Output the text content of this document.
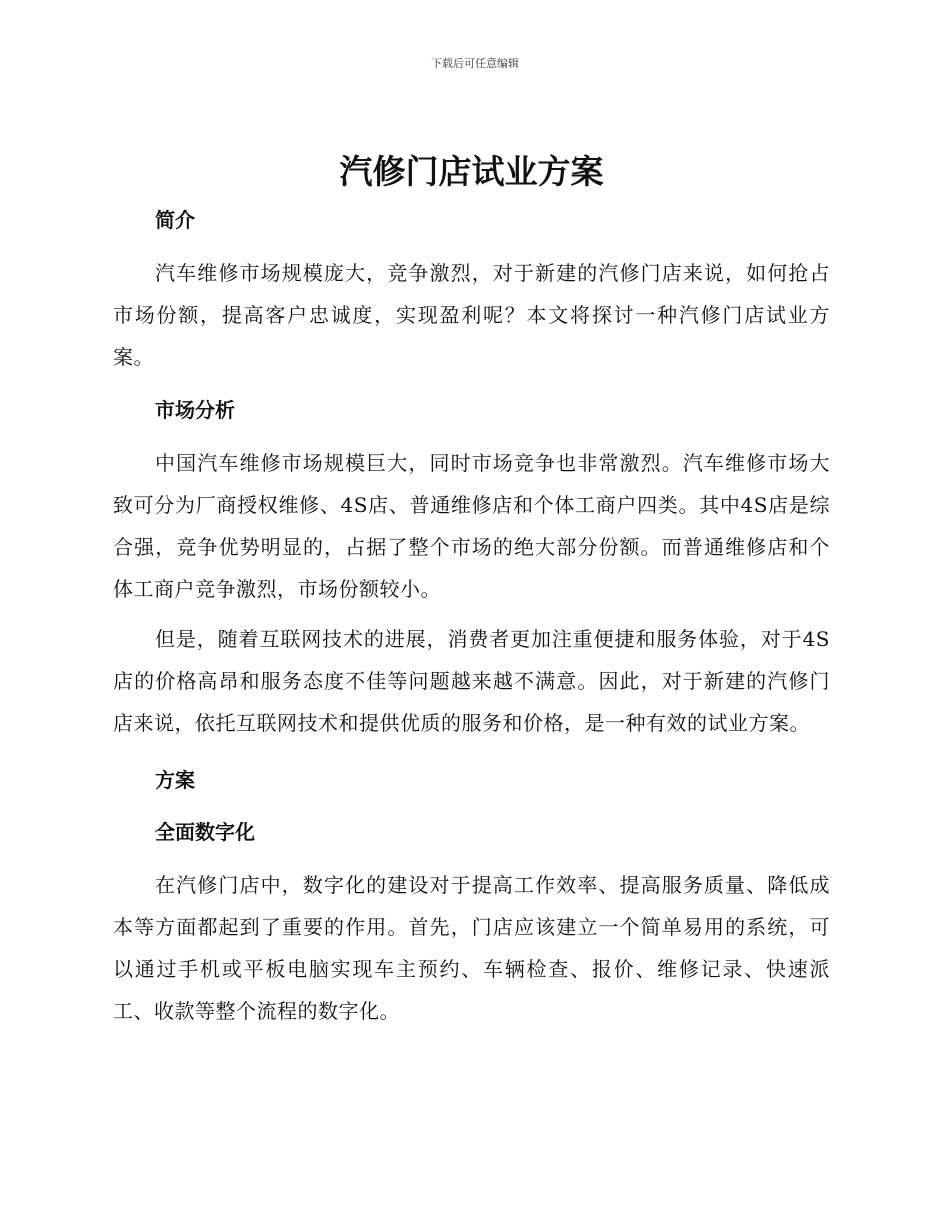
下载后可任意编辑
汽修门店试业方案
简介

汽车维修市场规模庞大，竞争激烈，对于新建的汽修门店来说，如何抢占市场份额，提高客户忠诚度，实现盈利呢？本文将探讨一种汽修门店试业方案。

市场分析

中国汽车维修市场规模巨大，同时市场竞争也非常激烈。汽车维修市场大致可分为厂商授权维修、4S店、普通维修店和个体工商户四类。其中4S店是综合强，竞争优势明显的，占据了整个市场的绝大部分份额。而普通维修店和个体工商户竞争激烈，市场份额较小。

但是，随着互联网技术的进展，消费者更加注重便捷和服务体验，对于4S店的价格高昂和服务态度不佳等问题越来越不满意。因此，对于新建的汽修门店来说，依托互联网技术和提供优质的服务和价格，是一种有效的试业方案。

方案
全面数字化

在汽修门店中，数字化的建设对于提高工作效率、提高服务质量、降低成本等方面都起到了重要的作用。首先，门店应该建立一个简单易用的系统，可以通过手机或平板电脑实现车主预约、车辆检查、报价、维修记录、快速派工、收款等整个流程的数字化。
